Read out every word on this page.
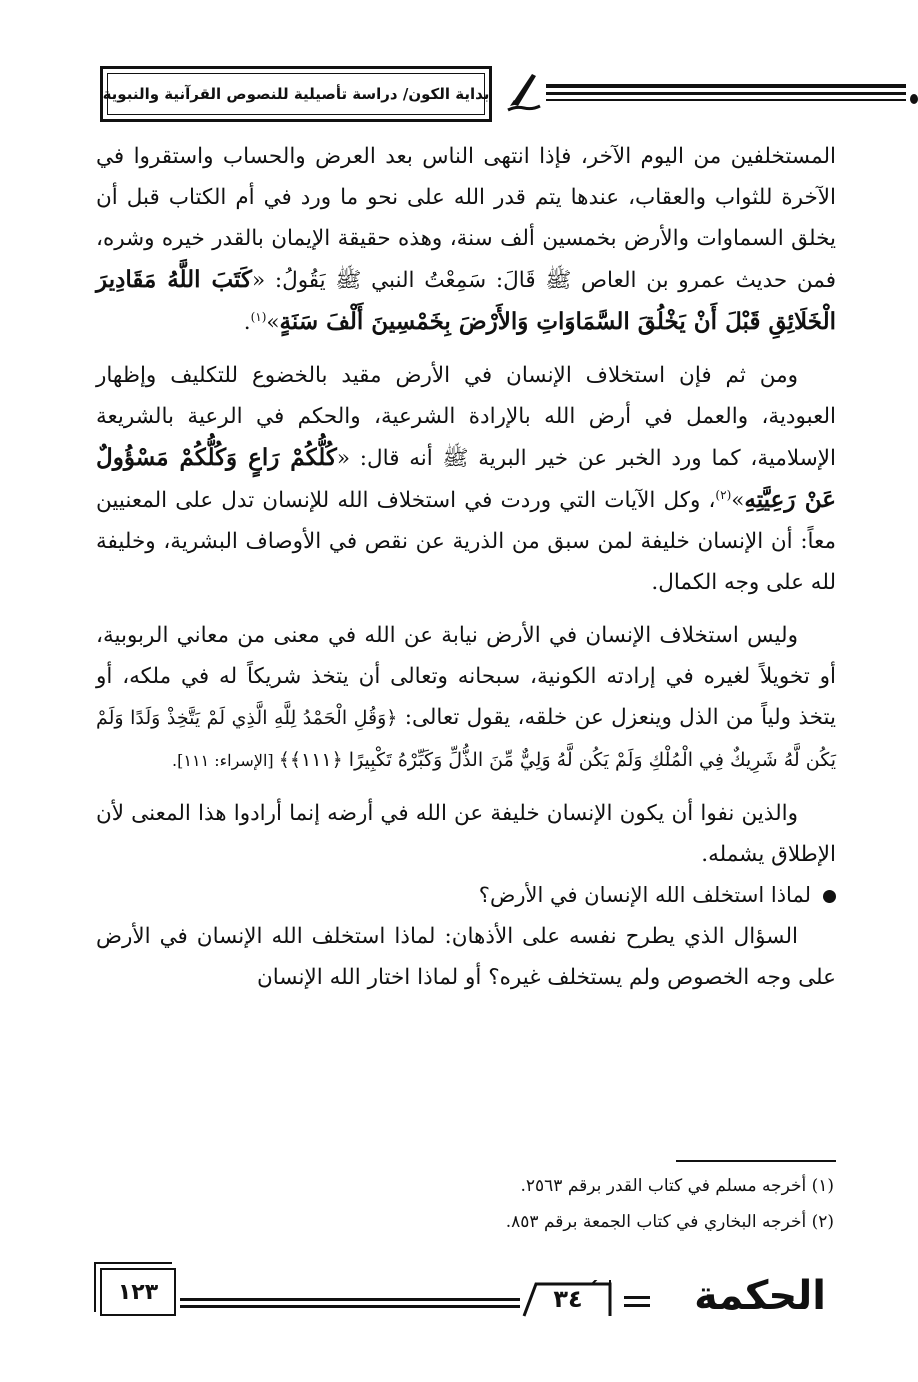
بداية الكون/ دراسة تأصيلية للنصوص القرآنية والنبوية

المستخلفين من اليوم الآخر، فإذا انتهى الناس بعد العرض والحساب واستقروا في الآخرة للثواب والعقاب، عندها يتم قدر الله على نحو ما ورد في أم الكتاب قبل أن يخلق السماوات والأرض بخمسين ألف سنة، وهذه حقيقة الإيمان بالقدر خيره وشره، فمن حديث عمرو بن العاص ﷺ قَالَ: سَمِعْتُ النبي ﷺ يَقُولُ: «كَتَبَ اللَّهُ مَقَادِيرَ الْخَلَائِقِ قَبْلَ أَنْ يَخْلُقَ السَّمَاوَاتِ وَالأَرْضَ بِخَمْسِينَ أَلْفَ سَنَةٍ»$^{(١)}$.

ومن ثم فإن استخلاف الإنسان في الأرض مقيد بالخضوع للتكليف وإظهار العبودية، والعمل في أرض الله بالإرادة الشرعية، والحكم في الرعية بالشريعة الإسلامية، كما ورد الخبر عن خير البرية ﷺ أنه قال: «كُلُّكُمْ رَاعٍ وَكُلُّكُمْ مَسْؤُولٌ عَنْ رَعِيَّتِهِ»$^{(٢)}$، وكل الآيات التي وردت في استخلاف الله للإنسان تدل على المعنيين معاً: أن الإنسان خليفة لمن سبق من الذرية عن نقص في الأوصاف البشرية، وخليفة لله على وجه الكمال.

وليس استخلاف الإنسان في الأرض نيابة عن الله في معنى من معاني الربوبية، أو تخويلاً لغيره في إرادته الكونية، سبحانه وتعالى أن يتخذ شريكاً له في ملكه، أو يتخذ ولياً من الذل وينعزل عن خلقه، يقول تعالى: ﴿وَقُلِ الْحَمْدُ لِلَّهِ الَّذِي لَمْ يَتَّخِذْ وَلَدًا وَلَمْ يَكُن لَّهُ شَرِيكٌ فِي الْمُلْكِ وَلَمْ يَكُن لَّهُ وَلِيٌّ مِّنَ الذُّلِّ وَكَبِّرْهُ تَكْبِيرًا ﴿١١١﴾﴾ [الإسراء: ١١١].

والذين نفوا أن يكون الإنسان خليفة عن الله في أرضه إنما أرادوا هذا المعنى لأن الإطلاق يشمله.

لماذا استخلف الله الإنسان في الأرض؟

السؤال الذي يطرح نفسه على الأذهان: لماذا استخلف الله الإنسان في الأرض على وجه الخصوص ولم يستخلف غيره؟ أو لماذا اختار الله الإنسان

(١) أخرجه مسلم في كتاب القدر برقم ٢٥٦٣.
(٢) أخرجه البخاري في كتاب الجمعة برقم ٨٥٣.
١٢٣	٣٤	الحكمة
